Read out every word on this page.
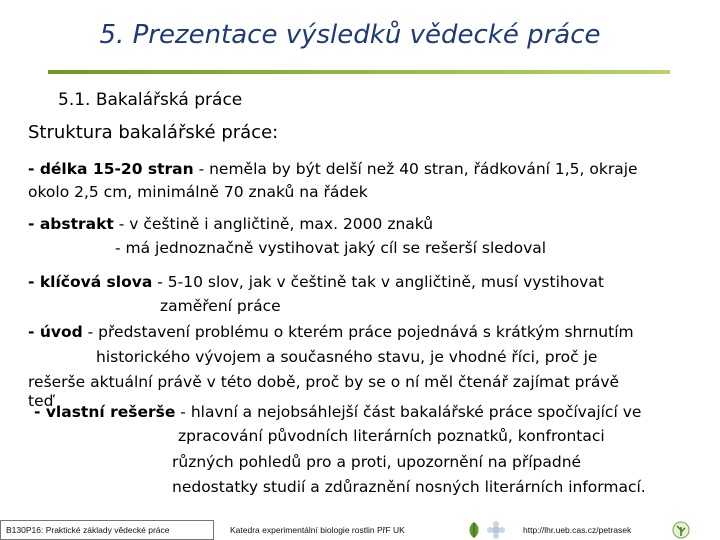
5. Prezentace výsledků vědecké práce
5.1. Bakalářská práce
Struktura bakalářské práce:
- délka 15-20 stran - neměla by být delší než 40 stran, řádkování 1,5, okraje
okolo 2,5 cm, minimálně 70 znaků na řádek
- abstrakt - v češtině i angličtině, max. 2000 znaků
- má jednoznačně vystihovat jaký cíl se rešerší sledoval
- klíčová slova - 5-10 slov, jak v češtině tak v angličtině, musí vystihovat
zaměření práce
- úvod - představení problému o kterém práce pojednává s krátkým shrnutím
historického vývojem a současného stavu, je vhodné říci, proč je
rešerše aktuální právě v této době, proč by se o ní měl čtenář zajímat právě
teď
- vlastní rešerše - hlavní a nejobsáhlejší část bakalářské práce spočívající ve
zpracování původních literárních poznatků, konfrontaci
různých pohledů pro a proti, upozornění na případné
nedostatky studií a zdůraznění nosných literárních informací.
B130P16: Praktické základy vědecké práce	Katedra experimentální biologie rostlin PřF UK	http://lhr.ueb.cas.cz/petrasek
